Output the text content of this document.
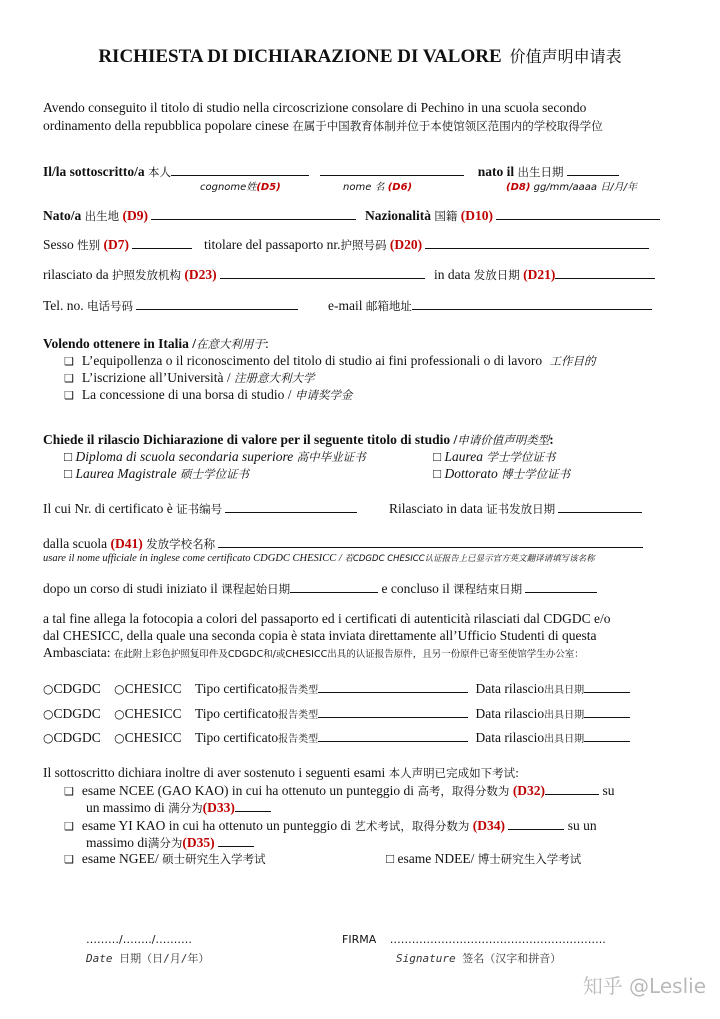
RICHIESTA DI DICHIARAZIONE DI VALORE 价值声明申请表
Avendo conseguito il titolo di studio nella circoscrizione consolare di Pechino in una scuola secondo
ordinamento della repubblica popolare cinese 在属于中国教育体制并位于本使馆领区范围内的学校取得学位
Il/la sottoscritto/a 本人	nato il 出生日期
cognome姓(D5)	nome 名 (D6)	(D8) gg/mm/aaaa 日/月/年
Nato/a 出生地 (D9)	Nazionalità 国籍 (D10)
Sesso 性别 (D7)	titolare del passaporto nr.护照号码 (D20)
rilasciato da 护照发放机构 (D23)	in data 发放日期 (D21)
Tel. no. 电话号码	e-mail 邮箱地址
Volendo ottenere in Italia /在意大利用于:
❑ L’equipollenza o il riconoscimento del titolo di studio ai fini professionali o di lavoro 工作目的
❑ L’iscrizione all’Università / 注册意大利大学
❑ La concessione di una borsa di studio / 申请奖学金
Chiede il rilascio Dichiarazione di valore per il seguente titolo di studio /申请价值声明类型:
□ Diploma di scuola secondaria superiore 高中毕业证书	□ Laurea 学士学位证书
□ Laurea Magistrale 硕士学位证书	□ Dottorato 博士学位证书
Il cui Nr. di certificato è 证书编号	Rilasciato in data 证书发放日期
dalla scuola (D41) 发放学校名称
usare il nome ufficiale in inglese come certificato CDGDC CHESICC / 若CDGDC CHESICC认证报告上已显示官方英文翻译请填写该名称
dopo un corso di studi iniziato il 课程起始日期	e concluso il 课程结束日期
a tal fine allega la fotocopia a colori del passaporto ed i certificati di autenticità rilasciati dal CDGDC e/o
dal CHESICC, della quale una seconda copia è stata inviata direttamente all’Ufficio Studenti di questa
Ambasciata: 在此附上彩色护照复印件及CDGDC和/或CHESICC出具的认证报告原件，且另一份原件已寄至使馆学生办公室：
○CDGDC ○CHESICC Tipo certificato报告类型	Data rilascio出具日期
○CDGDC ○CHESICC Tipo certificato报告类型	Data rilascio出具日期
○CDGDC ○CHESICC Tipo certificato报告类型	Data rilascio出具日期
Il sottoscritto dichiara inoltre di aver sostenuto i seguenti esami 本人声明已完成如下考试:
❑ esame NCEE (GAO KAO) in cui ha ottenuto un punteggio di 高考，取得分数为 (D32)	su
un massimo di 满分为(D33)
❑ esame YI KAO in cui ha ottenuto un punteggio di 艺术考试，取得分数为 (D34)	su un
massimo di满分为(D35)
❑ esame NGEE/ 硕士研究生入学考试	□ esame NDEE/ 博士研究生入学考试
………/……../……….
Date 日期（日/月/年）
FIRMA …………………………………………………..
Signature 签名（汉字和拼音）
知乎 @Leslie
